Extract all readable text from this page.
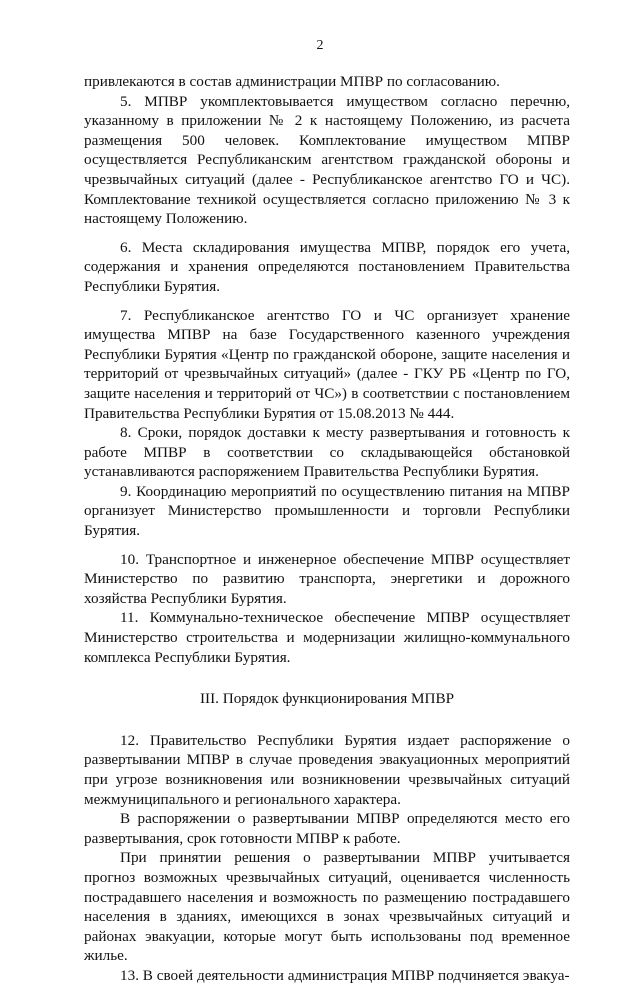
2

привлекаются в состав администрации МПВР по согласованию.

5. МПВР укомплектовывается имуществом согласно перечню, указанному в приложении № 2 к настоящему Положению, из расчета размещения 500 человек. Комплектование имуществом МПВР осуществляется Республиканским агентством гражданской обороны и чрезвычайных ситуаций (далее - Республиканское агентство ГО и ЧС). Комплектование техникой осуществляется согласно приложению № 3 к настоящему Положению.

6. Места складирования имущества МПВР, порядок его учета, содержания и хранения определяются постановлением Правительства Республики Бурятия.

7. Республиканское агентство ГО и ЧС организует хранение имущества МПВР на базе Государственного казенного учреждения Республики Бурятия «Центр по гражданской обороне, защите населения и территорий от чрезвычайных ситуаций» (далее - ГКУ РБ «Центр по ГО, защите населения и территорий от ЧС») в соответствии с постановлением Правительства Республики Бурятия от 15.08.2013 № 444.

8. Сроки, порядок доставки к месту развертывания и готовность к работе МПВР в соответствии со складывающейся обстановкой устанавливаются распоряжением Правительства Республики Бурятия.

9. Координацию мероприятий по осуществлению питания на МПВР организует Министерство промышленности и торговли Республики Бурятия.

10. Транспортное и инженерное обеспечение МПВР осуществляет Министерство по развитию транспорта, энергетики и дорожного хозяйства Республики Бурятия.

11. Коммунально-техническое обеспечение МПВР осуществляет Министерство строительства и модернизации жилищно-коммунального комплекса Республики Бурятия.

III. Порядок функционирования МПВР

12. Правительство Республики Бурятия издает распоряжение о развертывании МПВР в случае проведения эвакуационных мероприятий при угрозе возникновения или возникновении чрезвычайных ситуаций межмуниципального и регионального характера.

В распоряжении о развертывании МПВР определяются место его развертывания, срок готовности МПВР к работе.

При принятии решения о развертывании МПВР учитывается прогноз возможных чрезвычайных ситуаций, оценивается численность пострадавшего населения и возможность по размещению пострадавшего населения в зданиях, имеющихся в зонах чрезвычайных ситуаций и районах эвакуации, которые могут быть использованы под временное жилье.

13. В своей деятельности администрация МПВР подчиняется эвакуа-
